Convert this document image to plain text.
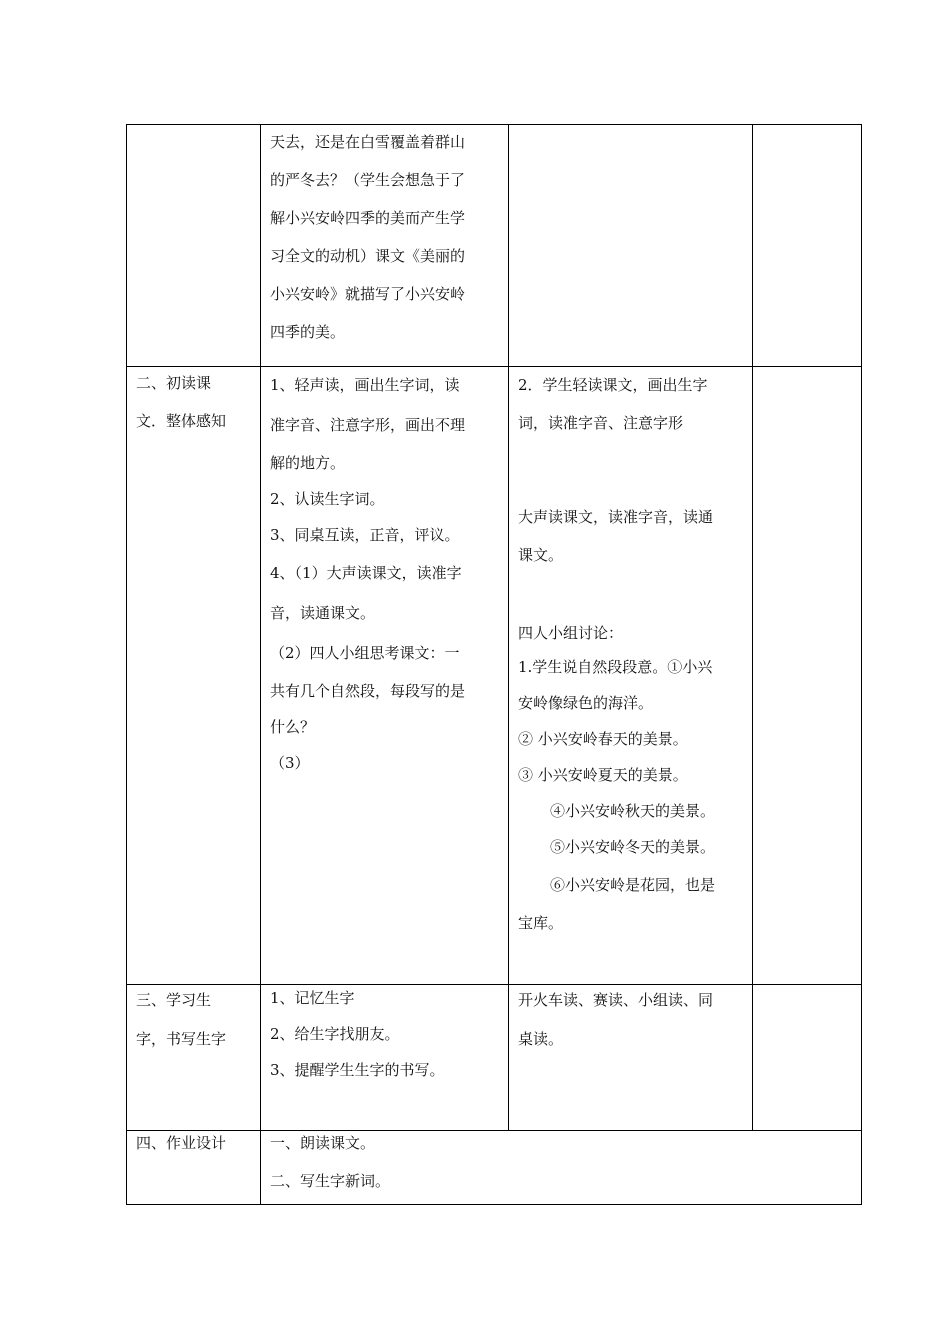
天去，还是在白雪覆盖着群山
的严冬去？（学生会想急于了
解小兴安岭四季的美而产生学
习全文的动机）课文《美丽的
小兴安岭》就描写了小兴安岭
四季的美。
二、初读课
文．整体感知
1、轻声读，画出生字词，读
准字音、注意字形，画出不理
解的地方。
2、认读生字词。
3、同桌互读，正音，评议。
4、（1）大声读课文，读准字
音，读通课文。
（2）四人小组思考课文：一
共有几个自然段，每段写的是
什么？
（3）
2．学生轻读课文，画出生字
词，读准字音、注意字形
大声读课文，读准字音，读通
课文。
四人小组讨论：
1.学生说自然段段意。①小兴
安岭像绿色的海洋。
② 小兴安岭春天的美景。
③ 小兴安岭夏天的美景。
④小兴安岭秋天的美景。
⑤小兴安岭冬天的美景。
⑥小兴安岭是花园，也是
宝库。
三、学习生
字，书写生字
1、记忆生字
2、给生字找朋友。
3、提醒学生生字的书写。
开火车读、赛读、小组读、同
桌读。
四、作业设计	一、朗读课文。
二、写生字新词。
